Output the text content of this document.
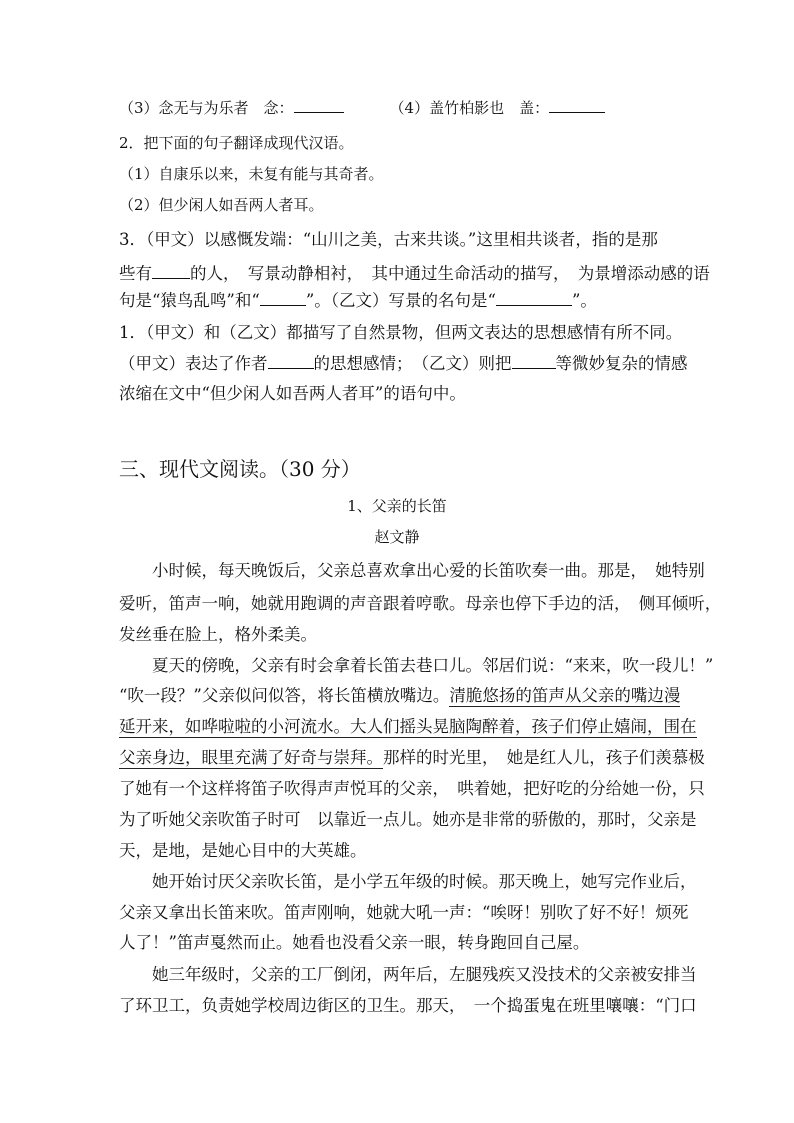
（3）念无与为乐者　念：	（4）盖竹柏影也　盖：
2．把下面的句子翻译成现代汉语。
（1）自康乐以来，未复有能与其奇者。
（2）但少闲人如吾两人者耳。
3．（甲文）以感慨发端：“山川之美，古来共谈。”这里相共谈者，指的是那
些有 的人，　写景动静相衬，　其中通过生命活动的描写，　为景增添动感的语
句是“猿鸟乱鸣”和“	”。（乙文）写景的名句是“	”。
1．（甲文）和（乙文）都描写了自然景物，但两文表达的思想感情有所不同。
（甲文）表达了作者	的思想感情；　（乙文）则把	等微妙复杂的情感
浓缩在文中“但少闲人如吾两人者耳”的语句中。
三、现代文阅读。（30 分）
1、父亲的长笛
赵文静
　　小时候，每天晚饭后，父亲总喜欢拿出心爱的长笛吹奏一曲。那是，　她特别
爱听，笛声一响，她就用跑调的声音跟着哼歌。母亲也停下手边的活，　侧耳倾听，
发丝垂在脸上，格外柔美。
　　夏天的傍晚，父亲有时会拿着长笛去巷口儿。邻居们说：“来来，吹一段儿！”
“吹一段？”父亲似问似答，将长笛横放嘴边。清脆悠扬的笛声从父亲的嘴边漫
延开来，如哗啦啦的小河流水。大人们摇头晃脑陶醉着，孩子们停止嬉闹，围在
父亲身边，眼里充满了好奇与崇拜。那样的时光里，　她是红人儿，孩子们羡慕极
了她有一个这样将笛子吹得声声悦耳的父亲，　哄着她，把好吃的分给她一份，只
为了听她父亲吹笛子时可　以靠近一点儿。她亦是非常的骄傲的，那时，父亲是
天，是地，是她心目中的大英雄。
　　她开始讨厌父亲吹长笛，是小学五年级的时候。那天晚上，她写完作业后，
父亲又拿出长笛来吹。笛声刚响，她就大吼一声：“唉呀！别吹了好不好！烦死
人了！”笛声戛然而止。她看也没看父亲一眼，转身跑回自己屋。
　　她三年级时，父亲的工厂倒闭，两年后，左腿残疾又没技术的父亲被安排当
了环卫工，负责她学校周边街区的卫生。那天，　一个捣蛋鬼在班里嚷嚷：“门口
